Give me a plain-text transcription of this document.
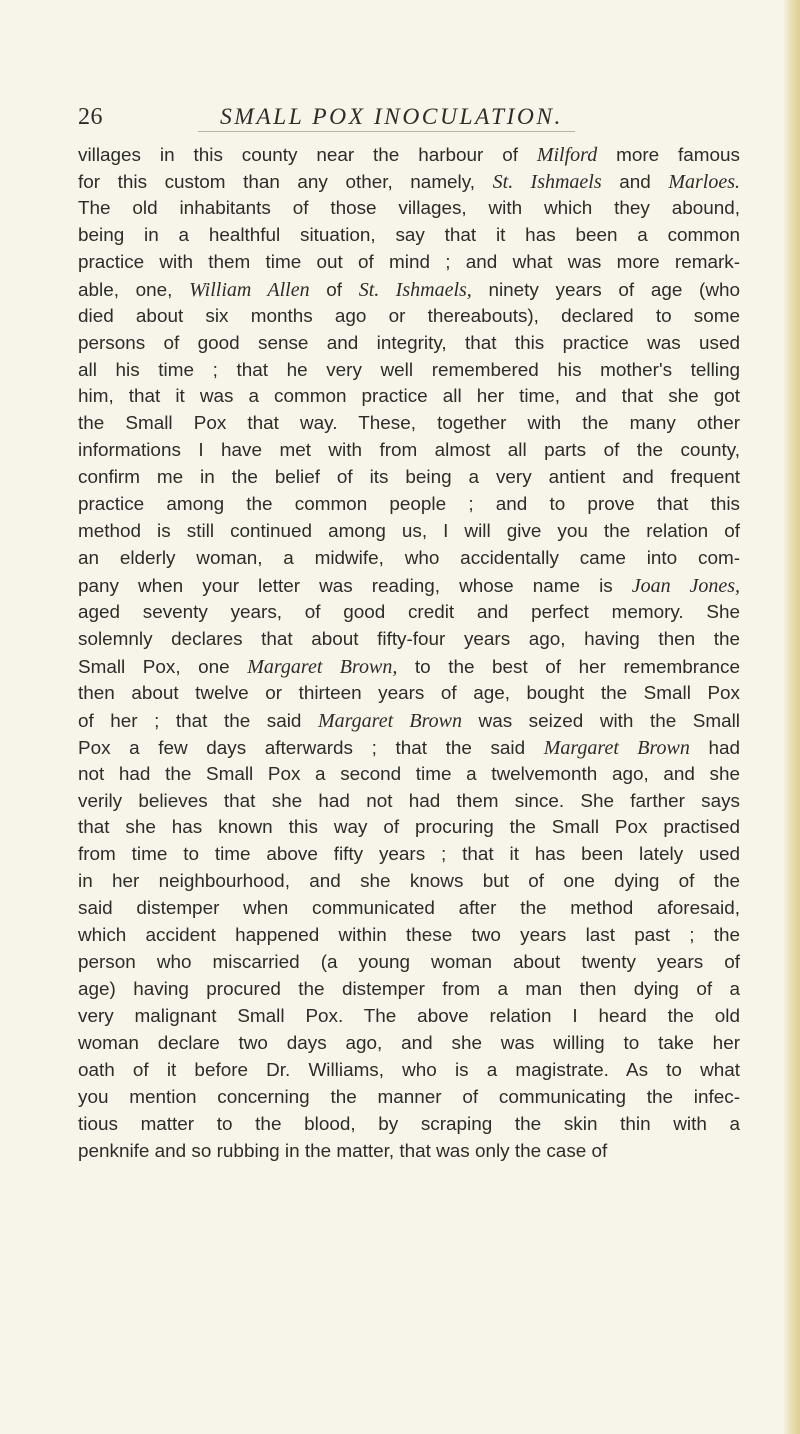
26	SMALL POX INOCULATION.
villages in this county near the harbour of Milford more famous
for this custom than any other, namely, St. Ishmaels and Marloes.
The old inhabitants of those villages, with which they abound,
being in a healthful situation, say that it has been a common
practice with them time out of mind ; and what was more remark-
able, one, William Allen of St. Ishmaels, ninety years of age (who
died about six months ago or thereabouts), declared to some
persons of good sense and integrity, that this practice was used
all his time ; that he very well remembered his mother's telling
him, that it was a common practice all her time, and that she got
the Small Pox that way. These, together with the many other
informations I have met with from almost all parts of the county,
confirm me in the belief of its being a very antient and frequent
practice among the common people ; and to prove that this
method is still continued among us, I will give you the relation of
an elderly woman, a midwife, who accidentally came into com-
pany when your letter was reading, whose name is Joan Jones,
aged seventy years, of good credit and perfect memory. She
solemnly declares that about fifty-four years ago, having then the
Small Pox, one Margaret Brown, to the best of her remembrance
then about twelve or thirteen years of age, bought the Small Pox
of her ; that the said Margaret Brown was seized with the Small
Pox a few days afterwards ; that the said Margaret Brown had
not had the Small Pox a second time a twelvemonth ago, and she
verily believes that she had not had them since. She farther says
that she has known this way of procuring the Small Pox practised
from time to time above fifty years ; that it has been lately used
in her neighbourhood, and she knows but of one dying of the
said distemper when communicated after the method aforesaid,
which accident happened within these two years last past ; the
person who miscarried (a young woman about twenty years of
age) having procured the distemper from a man then dying of a
very malignant Small Pox. The above relation I heard the old
woman declare two days ago, and she was willing to take her
oath of it before Dr. Williams, who is a magistrate. As to what
you mention concerning the manner of communicating the infec-
tious matter to the blood, by scraping the skin thin with a
penknife and so rubbing in the matter, that was only the case of
